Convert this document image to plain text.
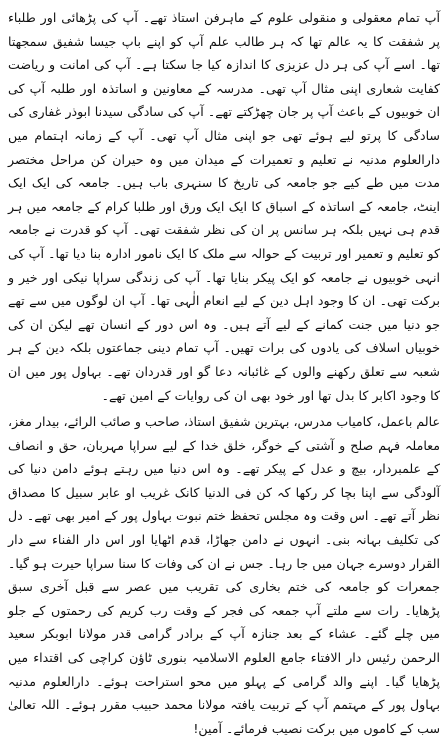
آپ تمام معقولی و منقولی علوم کے ماہرفن استاذ تھے۔ آپ کی پڑھائی اور طلباء پر شفقت کا یہ عالم تھا کہ ہر طالب علم آپ کو اپنے باپ جیسا شفیق سمجھتا تھا۔ اسے آپ کی ہر دل عزیزی کا اندازہ کیا جا سکتا ہے۔ آپ کی امانت و ریاضت کفایت شعاری اپنی مثال آپ تھی۔ مدرسہ کے معاونین و اساتذہ اور طلبہ آپ کی ان خوبیوں کے باعث آپ پر جان چھڑکتے تھے۔ آپ کی سادگی سیدنا ابوذر غفاری کی سادگی کا پرتو لیے ہوئے تھی جو اپنی مثال آپ تھی۔ آپ کے زمانہ اہتمام میں دارالعلوم مدنیہ نے تعلیم و تعمیرات کے میدان میں وہ حیران کن مراحل مختصر مدت میں طے کیے جو جامعہ کی تاریخ کا سنہری باب ہیں۔ جامعہ کی ایک ایک اینٹ، جامعہ کے اساتذہ کے اسباق کا ایک ایک ورق اور طلبا کرام کے جامعہ میں ہر قدم ہی نہیں بلکہ ہر سانس پر ان کی نظر شفقت تھی۔ آپ کو قدرت نے جامعہ کو تعلیم و تعمیر اور تربیت کے حوالہ سے ملک کا ایک نامور ادارہ بنا دیا تھا۔ آپ کی انہی خوبیوں نے جامعہ کو ایک پیکر بنایا تھا۔ آپ کی زندگی سراپا نیکی اور خیر و برکت تھی۔ ان کا وجود اہل دین کے لیے انعام الٰہی تھا۔ آپ ان لوگوں میں سے تھے جو دنیا میں جنت کمانے کے لیے آتے ہیں۔ وہ اس دور کے انسان تھے لیکن ان کی خوبیاں اسلاف کی یادوں کی برات تھیں۔ آپ تمام دینی جماعتوں بلکہ دین کے ہر شعبہ سے تعلق رکھنے والوں کے غائبانہ دعا گو اور قدردان تھے۔ بہاول پور میں ان کا وجود اکابر کا بدل تھا اور خود بھی ان کی روایات کے امین تھے۔

عالم باعمل، کامیاب مدرس، بہترین شفیق استاذ، صاحب و صائب الرائے، بیدار مغز، معاملہ فہم صلح و آشتی کے خوگر، خلق خدا کے لیے سراپا مہربان، حق و انصاف کے علمبردار، بیچ و عدل کے پیکر تھے۔ وہ اس دنیا میں رہتے ہوئے دامن دنیا کی آلودگی سے اپنا بچا کر رکھا کہ کن فی الدنیا کانک غریب او عابر سبیل کا مصداق نظر آتے تھے۔ اس وقت وہ مجلس تحفظ ختم نبوت بہاول پور کے امیر بھی تھے۔ دل کی تکلیف بہانہ بنی۔ انہوں نے دامن جھاڑا، قدم اٹھایا اور اس دار الفناء سے دار القرار دوسرے جہان میں جا رہا۔ جس نے ان کی وفات کا سنا سراپا حیرت ہو گیا۔ جمعرات کو جامعہ کی ختم بخاری کی تقریب میں عصر سے قبل آخری سبق پڑھایا۔ رات سے ملتے آپ جمعہ کی فجر کے وقت رب کریم کی رحمتوں کے جلو میں چلے گئے۔ عشاء کے بعد جنازہ آپ کے برادر گرامی قدر مولانا ابوبکر سعید الرحمن رئیس دار الافتاء جامع العلوم الاسلامیہ بنوری ٹاؤن کراچی کی اقتداء میں پڑھایا گیا۔ اپنے والد گرامی کے پہلو میں محو استراحت ہوئے۔ دارالعلوم مدنیہ بہاول پور کے مہتمم آپ کے تربیت یافتہ مولانا محمد حبیب مقرر ہوئے۔ اللہ تعالیٰ سب کے کاموں میں برکت نصیب فرمائے۔ آمین!
